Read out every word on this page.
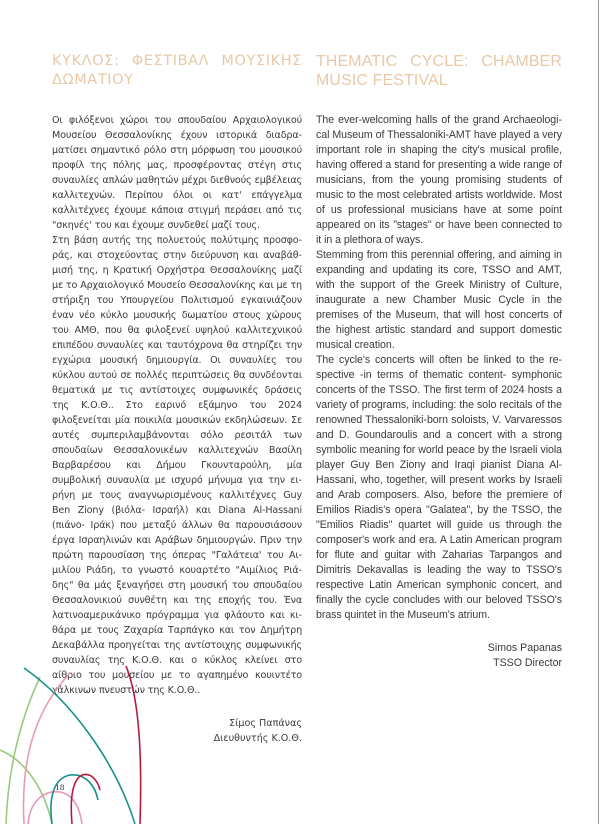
ΚΥΚΛΟΣ: ΦΕΣΤΙΒΑΛ ΜΟΥΣΙΚΗΣ ΔΩΜΑΤΙΟΥ

Οι φιλόξενοι χώροι του σπουδαίου Αρχαιολογικού Μουσείου Θεσσαλονίκης έχουν ιστορικά διαδραματίσει σημαντικό ρόλο στη μόρφωση του μουσικού προφίλ της πόλης μας, προσφέροντας στέγη στις συναυλίες απλών μαθητών μέχρι διεθνούς εμβέλειας καλλιτεχνών. Περίπου όλοι οι κατ' επάγγελμα καλλιτέχνες έχουμε κάποια στιγμή περάσει από τις "σκηνές' του και έχουμε συνδεθεί μαζί τους.

Στη βάση αυτής της πολυετούς πολύτιμης προσφοράς, και στοχεύοντας στην διεύρυνση και αναβάθμισή της, η Κρατική Ορχήστρα Θεσσαλονίκης μαζί με το Αρχαιολογικό Μουσείο Θεσσαλονίκης και με τη στήριξη του Υπουργείου Πολιτισμού εγκαινιάζουν έναν νέο κύκλο μουσικής δωματίου στους χώρους του ΑΜΘ, που θα φιλοξενεί υψηλού καλλιτεχνικού επιπέδου συναυλίες και ταυτόχρονα θα στηρίζει την εγχώρια μουσική δημιουργία. Οι συναυλίες του κύκλου αυτού σε πολλές περιπτώσεις θα συνδέονται θεματικά με τις αντίστοιχες συμφωνικές δράσεις της Κ.Ο.Θ.. Στο εαρινό εξάμηνο του 2024 φιλοξενείται μία ποικιλία μουσικών εκδηλώσεων. Σε αυτές συμπεριλαμβάνονται σόλο ρεσιτάλ των σπουδαίων Θεσσαλονικέων καλλιτεχνών Βασίλη Βαρβαρέσου και Δήμου Γκουνταρούλη, μία συμβολική συναυλία με ισχυρό μήνυμα για την ειρήνη με τους αναγνωρισμένους καλλιτέχνες Guy Ben Ziony (βιόλα- Ισραήλ) και Diana Al-Hassani (πιάνο- Ιράκ) που μεταξύ άλλων θα παρουσιάσουν έργα Ισραηλινών και Αράβων δημιουργών. Πριν την πρώτη παρουσίαση της όπερας "Γαλάτεια' του Αιμιλίου Ριάδη, το γνωστό κουαρτέτο "Αιμίλιος Ριάδης" θα μάς ξεναγήσει στη μουσική του σπουδαίου Θεσσαλονικιού συνθέτη και της εποχής του. Ένα λατινοαμερικάνικο πρόγραμμα για φλάουτο και κιθάρα με τους Ζαχαρία Ταρπάγκο και τον Δημήτρη Δεκαβάλλα προηγείται της αντίστοιχης συμφωνικής συναυλίας της Κ.Ο.Θ. και ο κύκλος κλείνει στο αίθριο του μουσείου με το αγαπημένο κουιντέτο χάλκινων πνευστών της Κ.Ο.Θ..

Σίμος Παπάνας
Διευθυντής Κ.Ο.Θ.
THEMATIC CYCLE: CHAMBER MUSIC FESTIVAL

The ever-welcoming halls of the grand Archaeological Museum of Thessaloniki-AMT have played a very important role in shaping the city's musical profile, having offered a stand for presenting a wide range of musicians, from the young promising students of music to the most celebrated artists worldwide. Most of us professional musicians have at some point appeared on its "stages" or have been connected to it in a plethora of ways.

Stemming from this perennial offering, and aiming in expanding and updating its core, TSSO and AMT, with the support of the Greek Ministry of Culture, inaugurate a new Chamber Music Cycle in the premises of the Museum, that will host concerts of the highest artistic standard and support domestic musical creation.

The cycle's concerts will often be linked to the respective -in terms of thematic content- symphonic concerts of the TSSO. The first term of 2024 hosts a variety of programs, including: the solo recitals of the renowned Thessaloniki-born soloists, V. Varvaressos and D. Goundaroulis and a concert with a strong symbolic meaning for world peace by the Israeli viola player Guy Ben Ziony and Iraqi pianist Diana Al-Hassani, who, together, will present works by Israeli and Arab composers. Also, before the premiere of Emilios Riadis's opera "Galatea", by the TSSO, the "Emilios Riadis" quartet will guide us through the composer's work and era. A Latin American program for flute and guitar with Zaharias Tarpangos and Dimitris Dekavallas is leading the way to TSSO's respective Latin American symphonic concert, and finally the cycle concludes with our beloved TSSO's brass quintet in the Museum's atrium.

Simos Papanas
TSSO Director
18
